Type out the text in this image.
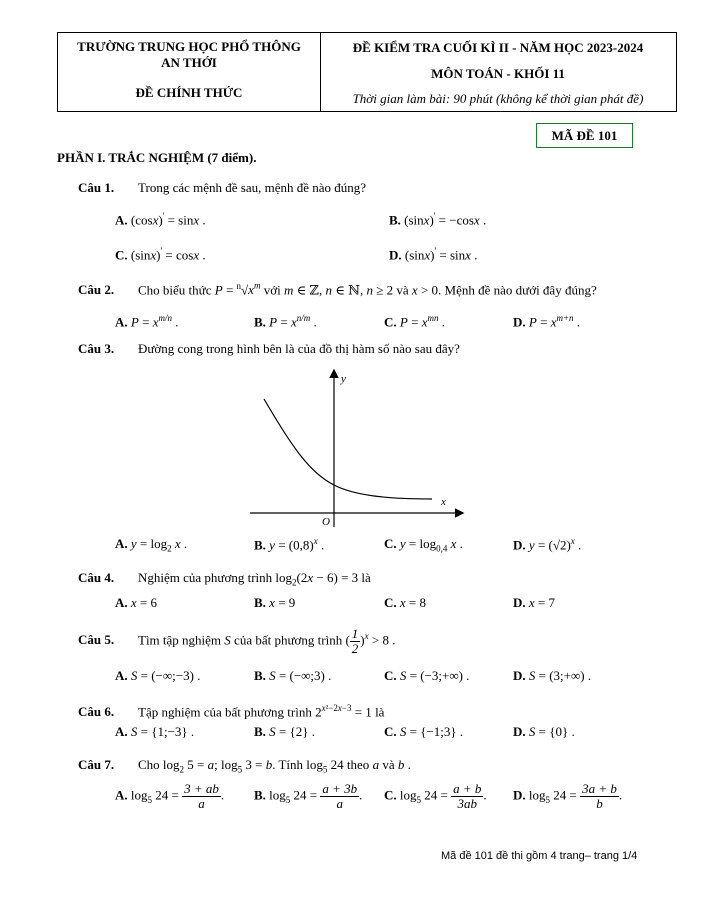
TRƯỜNG TRUNG HỌC PHỔ THÔNG
AN THỚI
ĐỀ CHÍNH THỨC
ĐỀ KIỂM TRA CUỐI KÌ II - NĂM HỌC 2023-2024
MÔN TOÁN - KHỐI 11
Thời gian làm bài: 90 phút (không kể thời gian phát đề)
MÃ ĐỀ 101
PHẦN I. TRẮC NGHIỆM (7 điểm).
Câu 1. Trong các mệnh đề sau, mệnh đề nào đúng?
A. (cosx)' = sinx .	B. (sinx)' = −cosx .
C. (sinx)' = cosx .	D. (sinx)' = sinx .
Câu 2. Cho biểu thức $P = ^n√x^m$ với m ∈ ℤ, n ∈ ℕ, n ≥ 2 và x > 0. Mệnh đề nào dưới đây đúng?
A. $P = x^{m/n}$ .	B. $P = x^{n/m}$ .	C. $P = x^{mn}$ .	D. $P = x^{m+n}$ .
Câu 3. Đường cong trong hình bên là của đồ thị hàm số nào sau đây?
y
x
O
A. $y = \log_2 x$ .	B. $y = (0,8)^x$ .	C. $y = \log_{0,4} x$ .	D. $y = (√2)^x$ .
Câu 4. Nghiệm của phương trình $\log_2(2x - 6) = 3$ là
A. x = 6	B. x = 9	C. x = 8	D. x = 7
Câu 5. Tìm tập nghiệm S của bất phương trình ( $\frac{1}{2} )^x > 8$ .
A. S = (−∞;−3) .	B. S = (−∞;3) .	C. S = (−3;+∞) .	D. S = (3;+∞) .
Câu 6. Tập nghiệm của bất phương trình $2^{x^2-2x-3} = 1$ là
A. S = {1;−3} .	B. S = {2} .	C. S = {−1;3} .	D. S = {0} .
Câu 7. Cho $\log_2 5 = a$; $\log_5 3 = b$. Tính $\log_5 24$ theo a và b .
A. $\log_5 24 = \frac{3 + ab}{a}$ . B. $\log_5 24 = \frac{a + 3b}{a}$ . C. $\log_5 24 = \frac{a + b}{3ab}$ . D. $\log_5 24 = \frac{3a + b}{b}$ .
Mã đề 101 đề thi gồm 4 trang– trang 1/4
